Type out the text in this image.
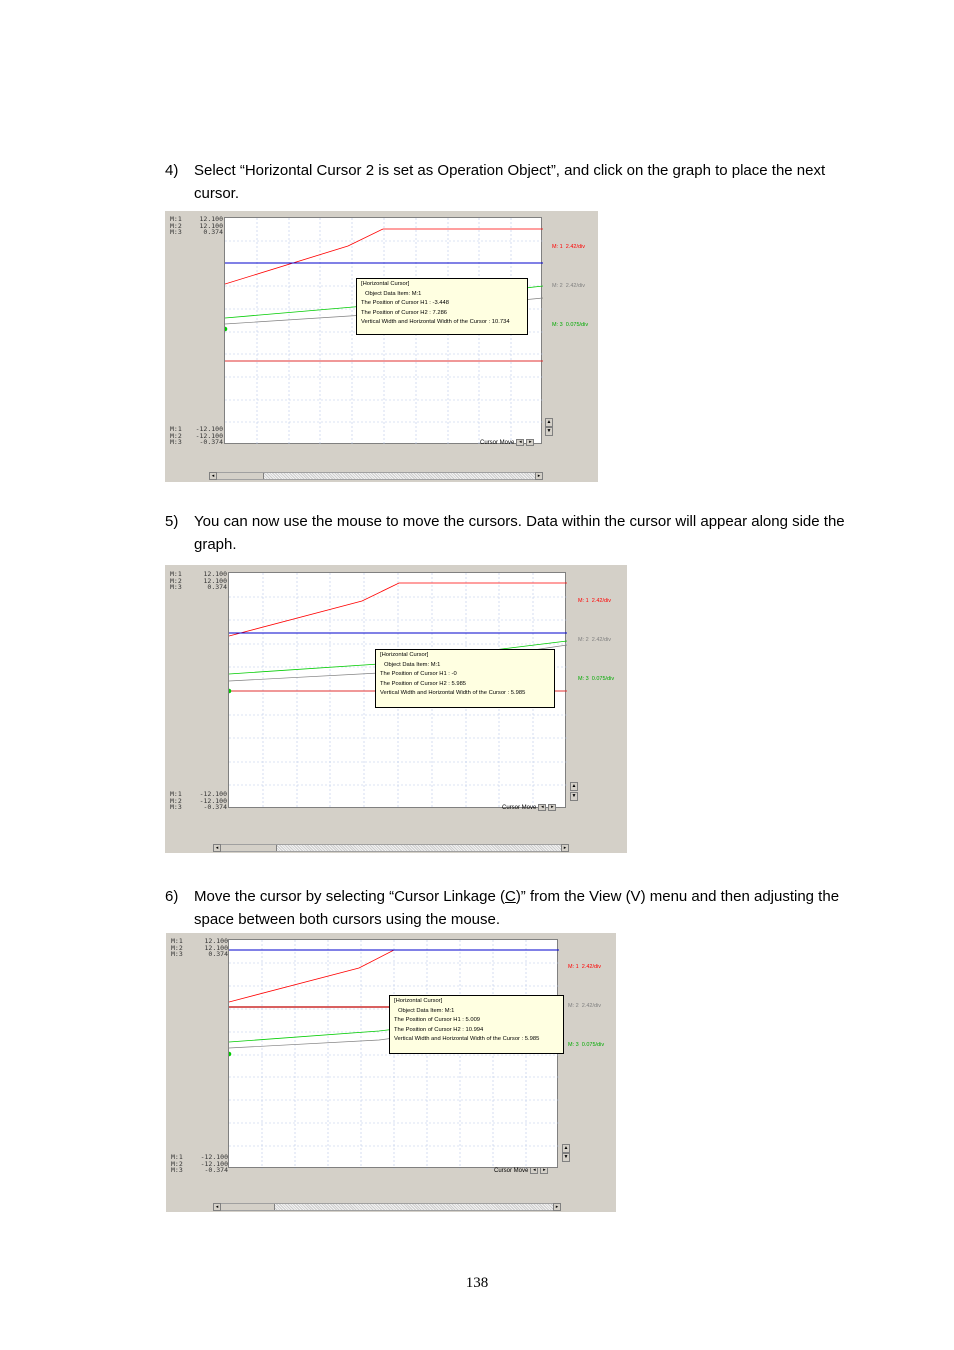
4) Select “Horizontal Cursor 2 is set as Operation Object”, and click on the graph to place the next cursor.
M:1
M:2
M:3
12.100
12.100
0.374
M:1
M:2
M:3
-12.100
-12.100
-0.374
[Horizontal Cursor]
Object Data Item: M:1
The Position of Cursor H1 : -3.448
The Position of Cursor H2 : 7.286
Vertical Width and Horizontal Width of the Cursor : 10.734

M: 1  2.42/div

M: 2  2.42/div

M: 3  0.075/div

▲
▼
Cursor Move ◂	▸
◂	▸
5) You can now use the mouse to move the cursors. Data within the cursor will appear along side the graph.
M:1
M:2
M:3
12.100
12.100
0.374
M:1
M:2
M:3
-12.100
-12.100
-0.374
[Horizontal Cursor]
Object Data Item: M:1
The Position of Cursor H1 : -0
The Position of Cursor H2 : 5.985
Vertical Width and Horizontal Width of the Cursor : 5.985

M: 1  2.42/div

M: 2  2.42/div

M: 3  0.075/div

▲
▼
Cursor Move ◂	▸
◂	▸
6) Move the cursor by selecting “Cursor Linkage (C)” from the View (V) menu and then adjusting the space between both cursors using the mouse.
M:1
M:2
M:3
12.100
12.100
0.374
M:1
M:2
M:3
-12.100
-12.100
-0.374
[Horizontal Cursor]
Object Data Item: M:1
The Position of Cursor H1 : 5.009
The Position of Cursor H2 : 10.994
Vertical Width and Horizontal Width of the Cursor : 5.985

M: 1  2.42/div

M: 2  2.42/div

M: 3  0.075/div

▲
▼
Cursor Move ◂	▸
◂	▸
138
